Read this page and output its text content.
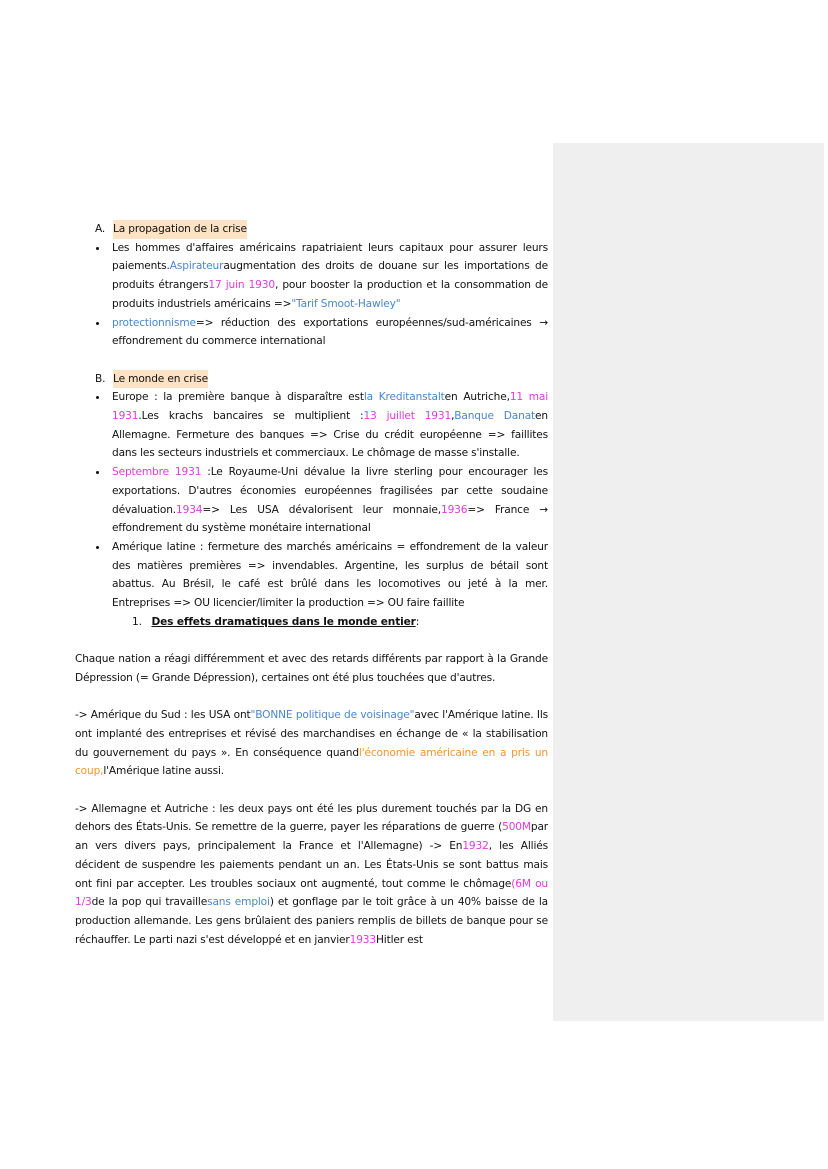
A. La propagation de la crise
Les hommes d'affaires américains rapatriaient leurs capitaux pour assurer leurs paiements.Aspirateuraugmentation des droits de douane sur les importations de produits étrangers17 juin 1930, pour booster la production et la consommation de produits industriels américains =>"Tarif Smoot-Hawley"
protectionnisme=> réduction des exportations européennes/sud-américaines → effondrement du commerce international
B. Le monde en crise
Europe : la première banque à disparaître estla Kreditanstalten Autriche,11 mai 1931.Les krachs bancaires se multiplient :13 juillet 1931,Banque Danaten Allemagne. Fermeture des banques => Crise du crédit européenne => faillites dans les secteurs industriels et commerciaux. Le chômage de masse s'installe.
Septembre 1931 :Le Royaume-Uni dévalue la livre sterling pour encourager les exportations. D'autres économies européennes fragilisées par cette soudaine dévaluation.1934=> Les USA dévalorisent leur monnaie,1936=> France → effondrement du système monétaire international
Amérique latine : fermeture des marchés américains = effondrement de la valeur des matières premières => invendables. Argentine, les surplus de bétail sont abattus. Au Brésil, le café est brûlé dans les locomotives ou jeté à la mer. Entreprises => OU licencier/limiter la production => OU faire faillite
1. Des effets dramatiques dans le monde entier:
Chaque nation a réagi différemment et avec des retards différents par rapport à la Grande Dépression (= Grande Dépression), certaines ont été plus touchées que d'autres.
-> Amérique du Sud : les USA ont"BONNE politique de voisinage"avec l'Amérique latine. Ils ont implanté des entreprises et révisé des marchandises en échange de « la stabilisation du gouvernement du pays ». En conséquence quandl'économie américaine en a pris un coup,l'Amérique latine aussi.
-> Allemagne et Autriche : les deux pays ont été les plus durement touchés par la DG en dehors des États-Unis. Se remettre de la guerre, payer les réparations de guerre (500Mpar an vers divers pays, principalement la France et l'Allemagne) -> En1932, les Alliés décident de suspendre les paiements pendant un an. Les États-Unis se sont battus mais ont fini par accepter. Les troubles sociaux ont augmenté, tout comme le chômage(6M ou 1/3de la pop qui travaillesans emploi) et gonflage par le toit grâce à un 40% baisse de la production allemande. Les gens brûlaient des paniers remplis de billets de banque pour se réchauffer. Le parti nazi s'est développé et en janvier1933Hitler est
